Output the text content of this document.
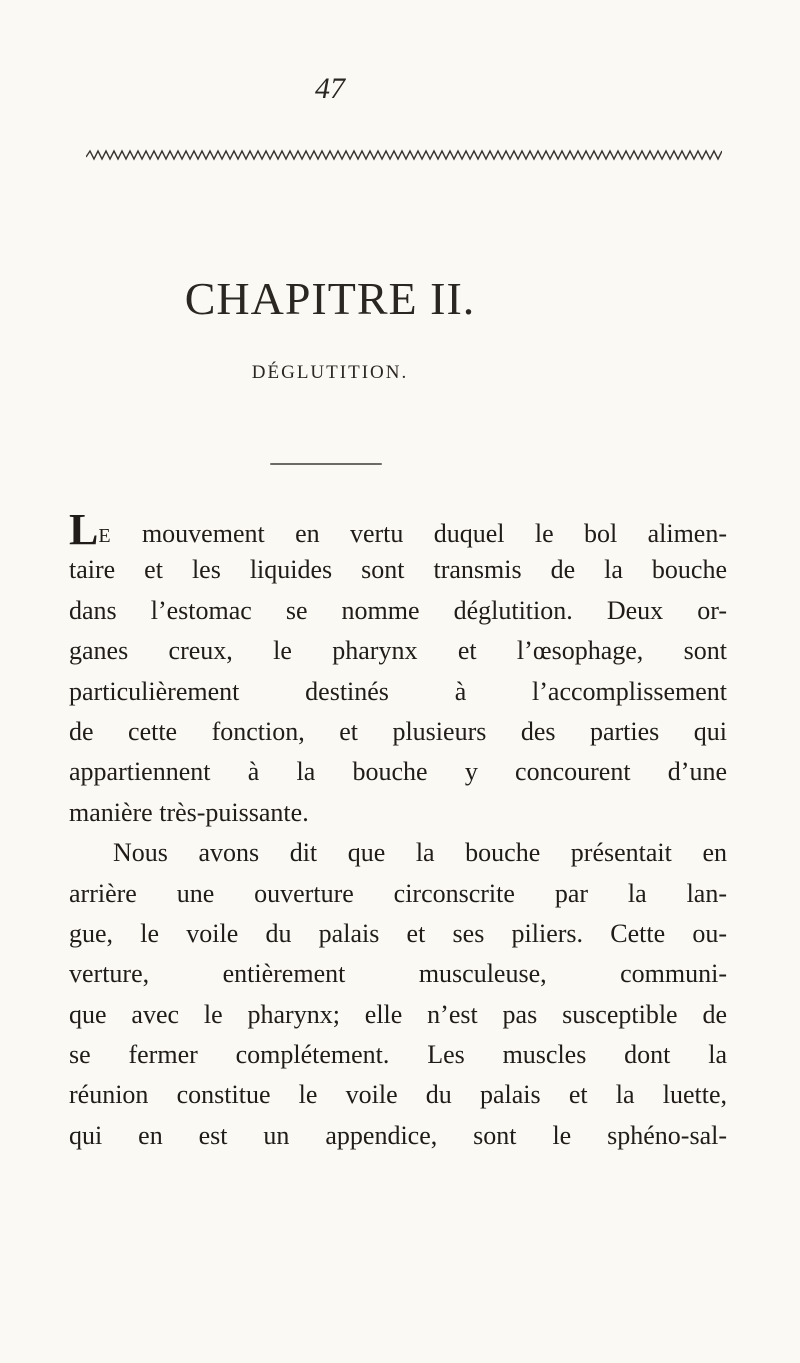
47
CHAPITRE II.
DÉGLUTITION.
LE mouvement en vertu duquel le bol alimen-
taire et les liquides sont transmis de la bouche
dans l’estomac se nomme déglutition. Deux or-
ganes creux, le pharynx et l’œsophage, sont
particulièrement destinés à l’accomplissement
de cette fonction, et plusieurs des parties qui
appartiennent à la bouche y concourent d’une
manière très-puissante.
Nous avons dit que la bouche présentait en
arrière une ouverture circonscrite par la lan-
gue, le voile du palais et ses piliers. Cette ou-
verture, entièrement musculeuse, communi-
que avec le pharynx; elle n’est pas susceptible de
se fermer complétement. Les muscles dont la
réunion constitue le voile du palais et la luette,
qui en est un appendice, sont le sphéno-sal-
